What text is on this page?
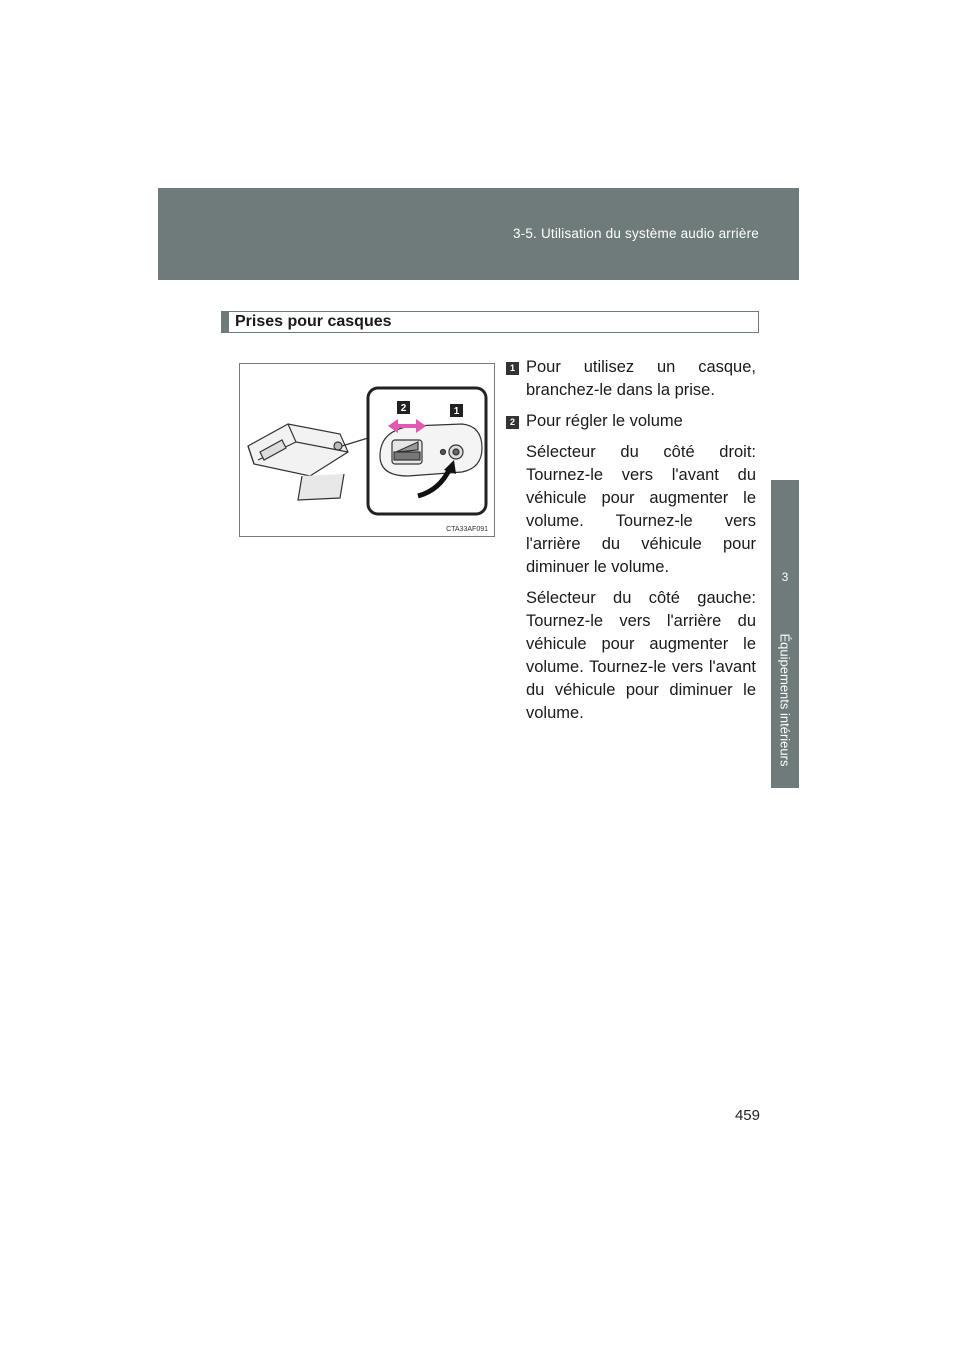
3-5. Utilisation du système audio arrière
3
Équipements intérieurs
Prises pour casques
2	1
CTA33AF091
1 Pour utilisez un casque, branchez-le dans la prise.
2 Pour régler le volume
Sélecteur du côté droit: Tournez-le vers l'avant du véhicule pour augmenter le volume. Tournez-le vers l'arrière du véhicule pour diminuer le volume.
Sélecteur du côté gauche: Tournez-le vers l'arrière du véhicule pour augmenter le volume. Tournez-le vers l'avant du véhicule pour diminuer le volume.
459
